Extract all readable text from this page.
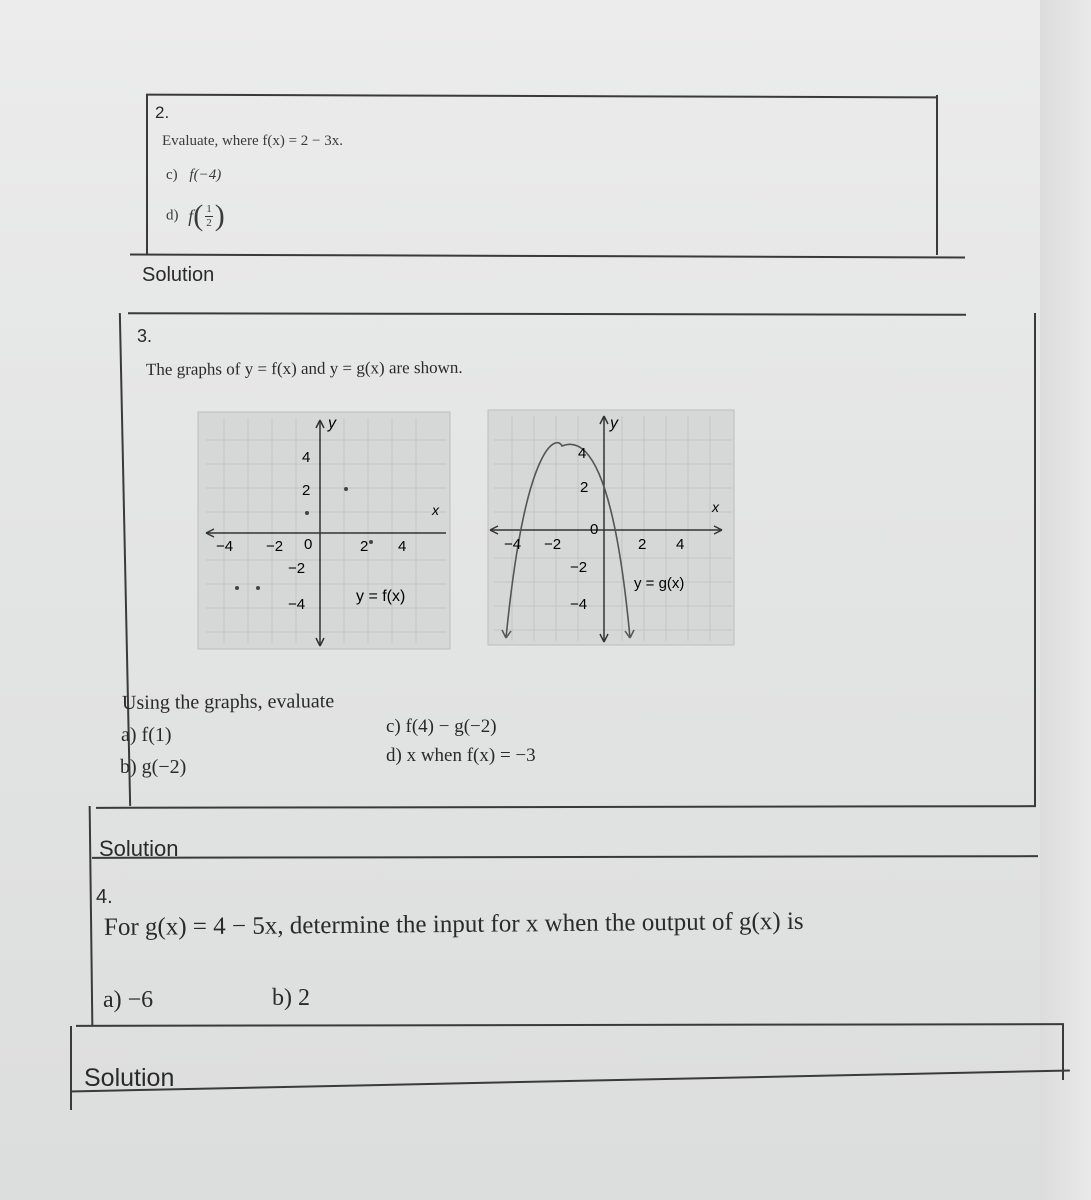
2.
Evaluate, where f(x) = 2 − 3x.
c) f(−4)
d) f ( $\frac{1}{2}$ )
Solution
3.
The graphs of y = f(x) and y = g(x) are shown.
y
x
−4 −2	2 4
0
4
2
−2
−4	y = f(x)
y
x
−4 −2	2 4
0
4
2
−2
−4
y = g(x)
Using the graphs, evaluate
a) f(1)
b) g(−2)
c) f(4) − g(−2)
d) x when f(x) = −3
Solution
4.
For g(x) = 4 − 5x, determine the input for x when the output of g(x) is
a) −6	b) 2
Solution
